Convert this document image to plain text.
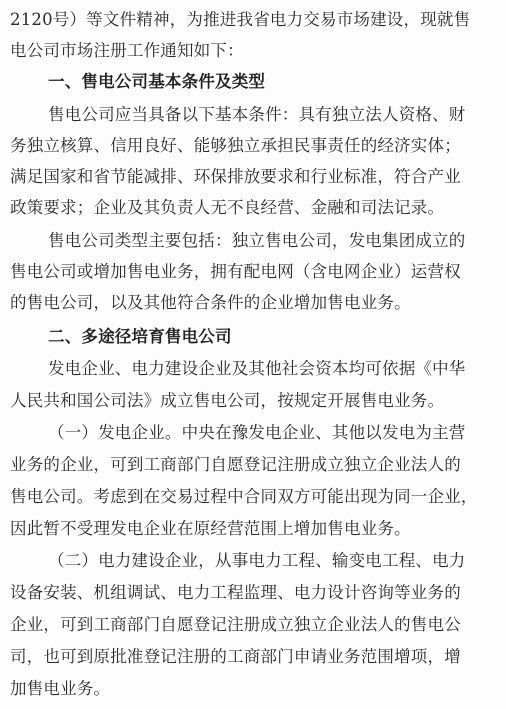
2120号）等文件精神，为推进我省电力交易市场建设，现就售
电公司市场注册工作通知如下：
一、售电公司基本条件及类型
售电公司应当具备以下基本条件：具有独立法人资格、财
务独立核算、信用良好、能够独立承担民事责任的经济实体；
满足国家和省节能减排、环保排放要求和行业标准，符合产业
政策要求；企业及其负责人无不良经营、金融和司法记录。
售电公司类型主要包括：独立售电公司，发电集团成立的
售电公司或增加售电业务，拥有配电网（含电网企业）运营权
的售电公司，以及其他符合条件的企业增加售电业务。
二、多途径培育售电公司
发电企业、电力建设企业及其他社会资本均可依据《中华
人民共和国公司法》成立售电公司，按规定开展售电业务。
（一）发电企业。中央在豫发电企业、其他以发电为主营
业务的企业，可到工商部门自愿登记注册成立独立企业法人的
售电公司。考虑到在交易过程中合同双方可能出现为同一企业，
因此暂不受理发电企业在原经营范围上增加售电业务。
（二）电力建设企业，从事电力工程、输变电工程、电力
设备安装、机组调试、电力工程监理、电力设计咨询等业务的
企业，可到工商部门自愿登记注册成立独立企业法人的售电公
司，也可到原批准登记注册的工商部门申请业务范围增项，增
加售电业务。
